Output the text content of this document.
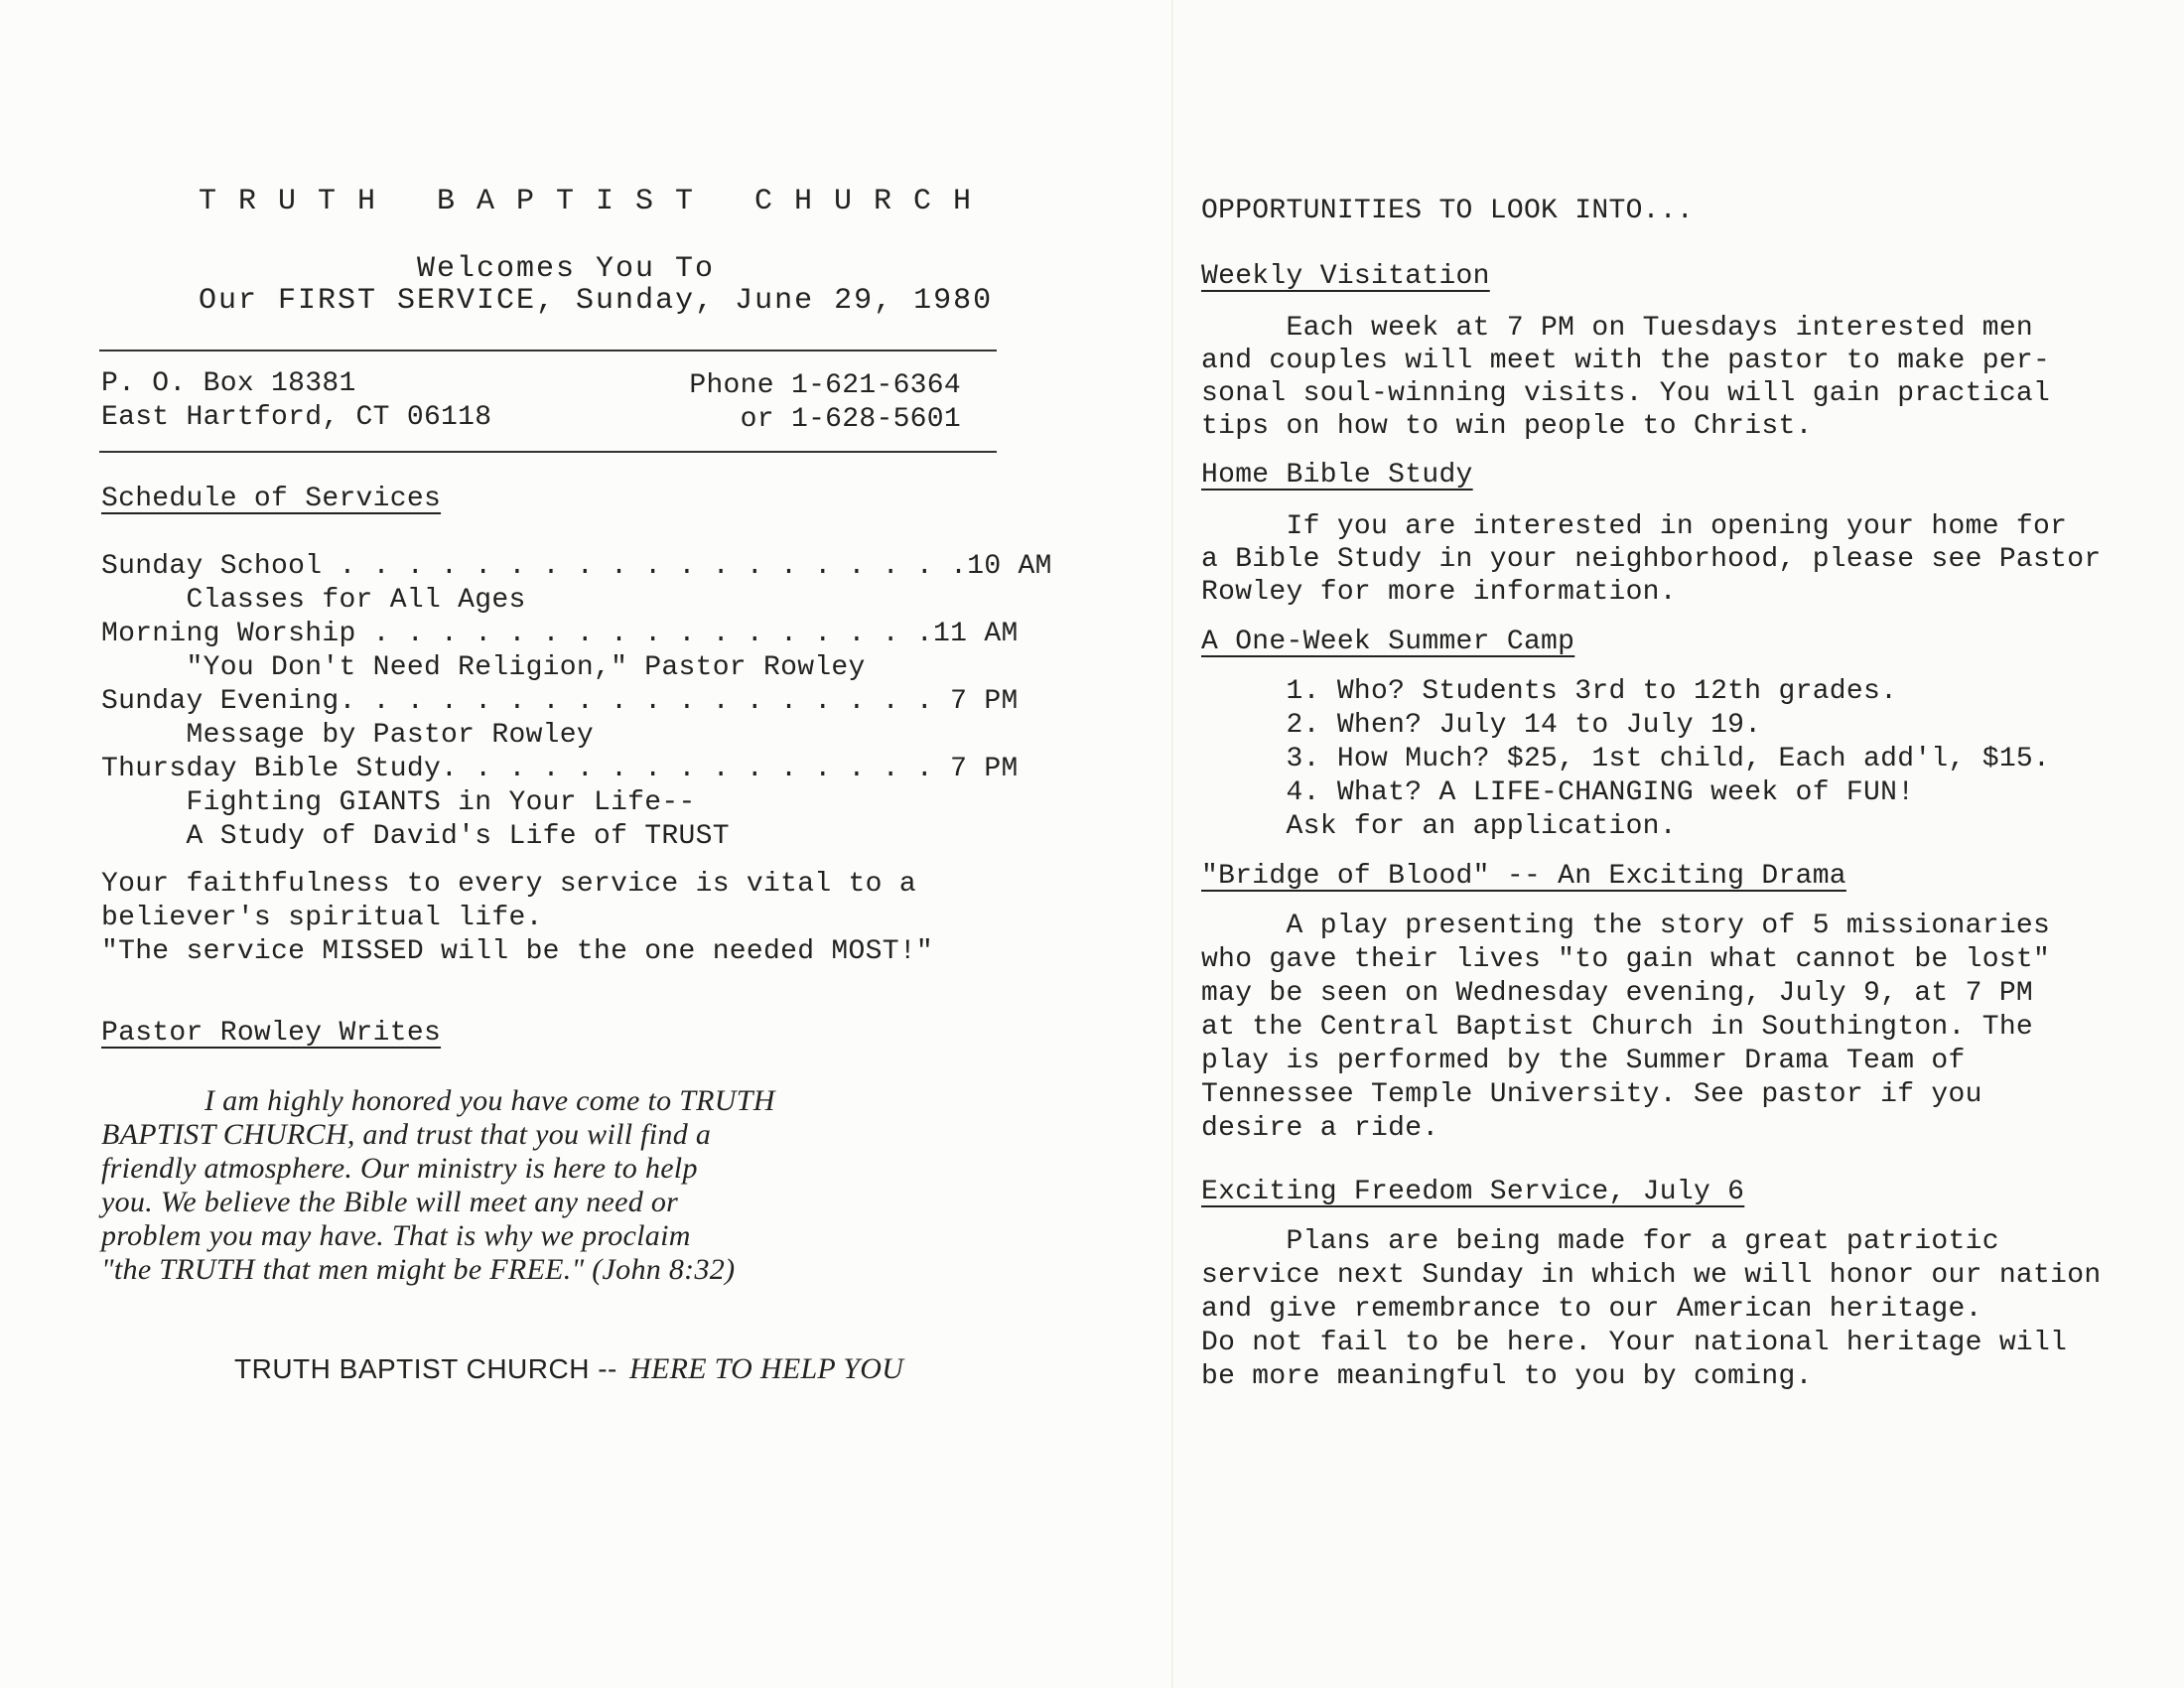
TRUTH BAPTIST CHURCH
Welcomes You To
Our FIRST SERVICE, Sunday, June 29, 1980
P. O. Box 18381
East Hartford, CT 06118
Phone 1-621-6364
or 1-628-5601
Schedule of Services
Sunday School . . . . . . . . . . . . . . . . . . .10 AM
Classes for All Ages
Morning Worship . . . . . . . . . . . . . . . . .11 AM
"You Don't Need Religion," Pastor Rowley
Sunday Evening. . . . . . . . . . . . . . . . . . 7 PM
Message by Pastor Rowley
Thursday Bible Study. . . . . . . . . . . . . . . 7 PM
Fighting GIANTS in Your Life--
A Study of David's Life of TRUST
Your faithfulness to every service is vital to a
believer's spiritual life.
"The service MISSED will be the one needed MOST!"
Pastor Rowley Writes
I am highly honored you have come to TRUTH
BAPTIST CHURCH, and trust that you will find a
friendly atmosphere. Our ministry is here to help
you. We believe the Bible will meet any need or
problem you may have. That is why we proclaim
"the TRUTH that men might be FREE." (John 8:32)
TRUTH BAPTIST CHURCH -- HERE TO HELP YOU
OPPORTUNITIES TO LOOK INTO...
Weekly Visitation
Each week at 7 PM on Tuesdays interested men
and couples will meet with the pastor to make per-
sonal soul-winning visits. You will gain practical
tips on how to win people to Christ.
Home Bible Study
If you are interested in opening your home for
a Bible Study in your neighborhood, please see Pastor
Rowley for more information.
A One-Week Summer Camp
1. Who? Students 3rd to 12th grades.
2. When? July 14 to July 19.
3. How Much? $25, 1st child, Each add'l, $15.
4. What? A LIFE-CHANGING week of FUN!
Ask for an application.
"Bridge of Blood" -- An Exciting Drama
A play presenting the story of 5 missionaries
who gave their lives "to gain what cannot be lost"
may be seen on Wednesday evening, July 9, at 7 PM
at the Central Baptist Church in Southington. The
play is performed by the Summer Drama Team of
Tennessee Temple University. See pastor if you
desire a ride.
Exciting Freedom Service, July 6
Plans are being made for a great patriotic
service next Sunday in which we will honor our nation
and give remembrance to our American heritage.
Do not fail to be here. Your national heritage will
be more meaningful to you by coming.
